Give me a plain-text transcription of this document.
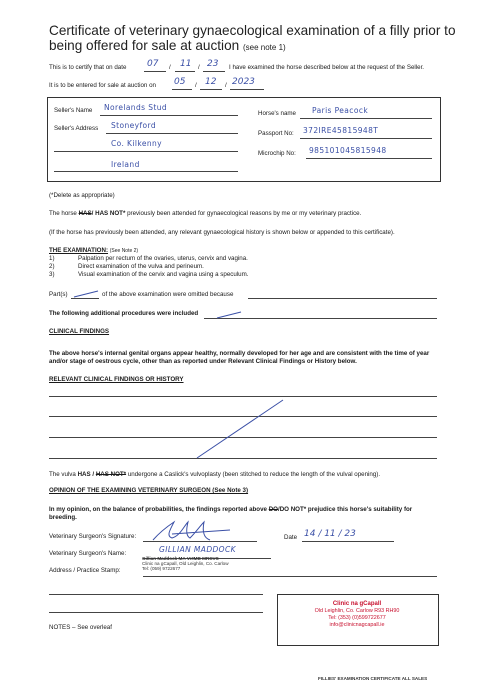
Certificate of veterinary gynaecological examination of a filly prior to
being offered for sale at auction (see note 1)
This is to certify that on date 07 / 11 / 23 I have examined the horse described below at the request of the Seller.
It is to be entered for sale at auction on 05 / 12 / 2023
Seller's Name Norelands Stud
Seller's Address Stoneyford
Co. Kilkenny
Ireland
Horse's name Paris Peacock
Passport No: 372IRE45815948T
Microchip No: 985101045815948
(*Delete as appropriate)
The horse HAS/ HAS NOT* previously been attended for gynaecological reasons by me or my veterinary practice.
(If the horse has previously been attended, any relevant gynaecological history is shown below or appended to this certificate).
THE EXAMINATION: (See Note 2)
1)	Palpation per rectum of the ovaries, uterus, cervix and vagina.
2)	Direct examination of the vulva and perineum.
3)	Visual examination of the cervix and vagina using a speculum.
Part(s)	of the above examination were omitted because
The following additional procedures were included
CLINICAL FINDINGS
The above horse's internal genital organs appear healthy, normally developed for her age and are consistent with the time of year
and/or stage of oestrous cycle, other than as reported under Relevant Clinical Findings or History below.
RELEVANT CLINICAL FINDINGS OR HISTORY
The vulva HAS / HAS NOT* undergone a Caslick's vulvoplasty (been stitched to reduce the length of the vulval opening).
OPINION OF THE EXAMINING VETERINARY SURGEON (See Note 3)
In my opinion, on the balance of probabilities, the findings reported above DO/DO NOT* prejudice this horse's suitability for
breeding.
Veterinary Surgeon's Signature:	Date 14 / 11 / 23
Veterinary Surgeon's Name:	GILLIAN MADDOCK
Address / Practice Stamp:
Gillian Maddock MA VetMB MRCVS
Clinic na gCapall, Old Leighlin, Co. Carlow
Tel: (059) 9722677
Clinic na gCapall
Old Leighlin, Co. Carlow R93 RH90
Tel: (353) (0)599722677
info@clinicnagcapall.ie
NOTES – See overleaf
FILLIES' EXAMINATION CERTIFICATE ALL SALES
